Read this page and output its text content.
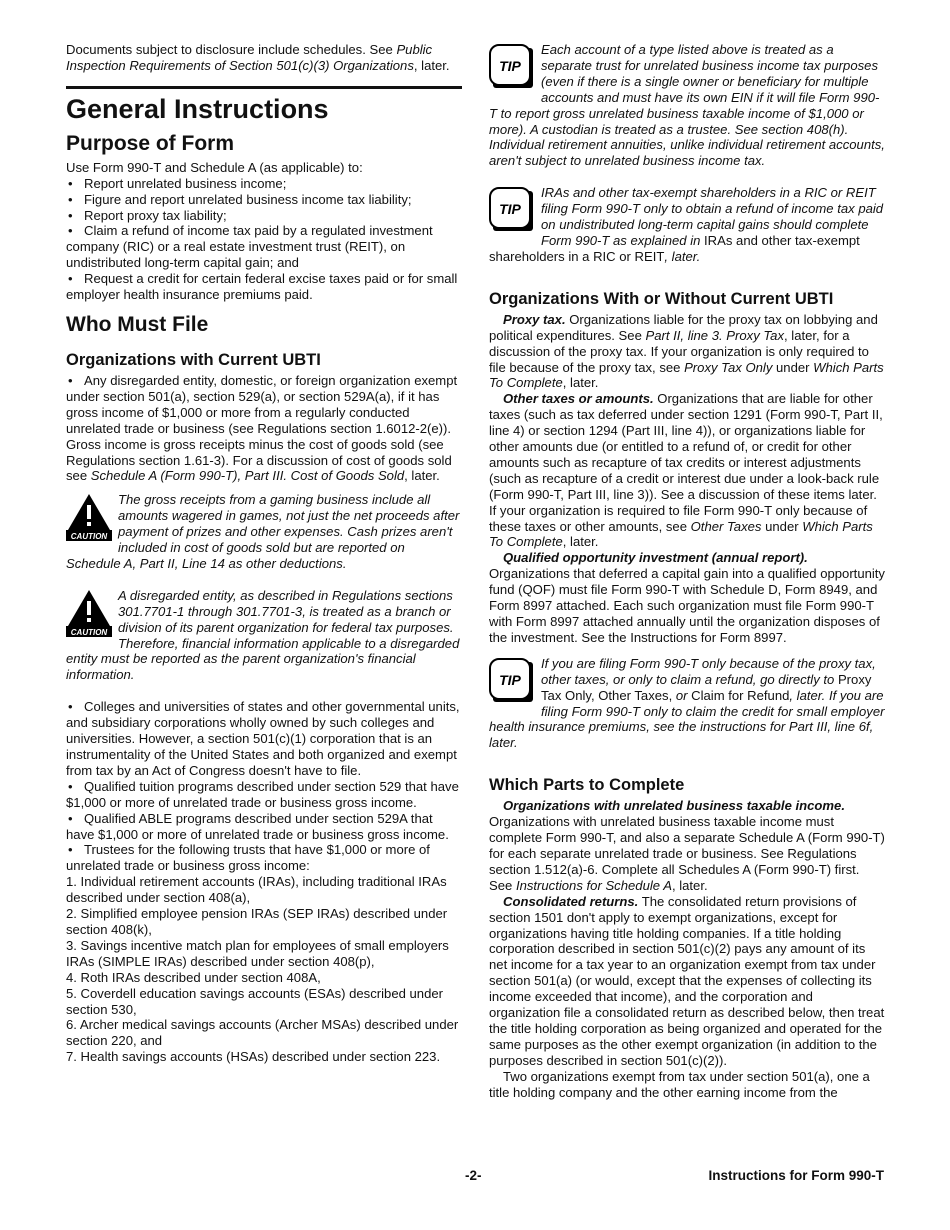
Documents subject to disclosure include schedules. See Public Inspection Requirements of Section 501(c)(3) Organizations, later.

General Instructions
Purpose of Form

Use Form 990-T and Schedule A (as applicable) to:

• Report unrelated business income;

• Figure and report unrelated business income tax liability;

• Report proxy tax liability;

• Claim a refund of income tax paid by a regulated investment company (RIC) or a real estate investment trust (REIT), on undistributed long-term capital gain; and

• Request a credit for certain federal excise taxes paid or for small employer health insurance premiums paid.

Who Must File
Organizations with Current UBTI

• Any disregarded entity, domestic, or foreign organization exempt under section 501(a), section 529(a), or section 529A(a), if it has gross income of $1,000 or more from a regularly conducted unrelated trade or business (see Regulations section 1.6012-2(e)). Gross income is gross receipts minus the cost of goods sold (see Regulations section 1.61-3). For a discussion of cost of goods sold see Schedule A (Form 990-T), Part III. Cost of Goods Sold, later.

CAUTION
The gross receipts from a gaming business include all amounts wagered in games, not just the net proceeds after payment of prizes and other expenses. Cash prizes aren't included in cost of goods sold but are reported on Schedule A, Part II, Line 14 as other deductions.
CAUTION
A disregarded entity, as described in Regulations sections 301.7701-1 through 301.7701-3, is treated as a branch or division of its parent organization for federal tax purposes. Therefore, financial information applicable to a disregarded entity must be reported as the parent organization's financial information.

• Colleges and universities of states and other governmental units, and subsidiary corporations wholly owned by such colleges and universities. However, a section 501(c)(1) corporation that is an instrumentality of the United States and both organized and exempt from tax by an Act of Congress doesn't have to file.

• Qualified tuition programs described under section 529 that have $1,000 or more of unrelated trade or business gross income.

• Qualified ABLE programs described under section 529A that have $1,000 or more of unrelated trade or business gross income.

• Trustees for the following trusts that have $1,000 or more of unrelated trade or business gross income:

1. Individual retirement accounts (IRAs), including traditional IRAs described under section 408(a),

2. Simplified employee pension IRAs (SEP IRAs) described under section 408(k),

3. Savings incentive match plan for employees of small employers IRAs (SIMPLE IRAs) described under section 408(p),

4. Roth IRAs described under section 408A,

5. Coverdell education savings accounts (ESAs) described under section 530,

6. Archer medical savings accounts (Archer MSAs) described under section 220, and

7. Health savings accounts (HSAs) described under section 223.

TIP
Each account of a type listed above is treated as a separate trust for unrelated business income tax purposes (even if there is a single owner or beneficiary for multiple accounts and must have its own EIN if it will file Form 990-T to report gross unrelated business taxable income of $1,000 or more). A custodian is treated as a trustee. See section 408(h). Individual retirement annuities, unlike individual retirement accounts, aren't subject to unrelated business income tax.
TIP
IRAs and other tax-exempt shareholders in a RIC or REIT filing Form 990-T only to obtain a refund of income tax paid on undistributed long-term capital gains should complete Form 990-T as explained in IRAs and other tax-exempt shareholders in a RIC or REIT, later.
Organizations With or Without Current UBTI

Proxy tax. Organizations liable for the proxy tax on lobbying and political expenditures. See Part II, line 3. Proxy Tax, later, for a discussion of the proxy tax. If your organization is only required to file because of the proxy tax, see Proxy Tax Only under Which Parts To Complete, later.

Other taxes or amounts. Organizations that are liable for other taxes (such as tax deferred under section 1291 (Form 990-T, Part II, line 4) or section 1294 (Part III, line 4)), or organizations liable for other amounts due (or entitled to a refund of, or credit for other amounts such as recapture of tax credits or interest adjustments (such as recapture of a credit or interest due under a look-back rule (Form 990-T, Part III, line 3)). See a discussion of these items later. If your organization is required to file Form 990-T only because of these taxes or other amounts, see Other Taxes under Which Parts To Complete, later.

Qualified opportunity investment (annual report). Organizations that deferred a capital gain into a qualified opportunity fund (QOF) must file Form 990-T with Schedule D, Form 8949, and Form 8997 attached. Each such organization must file Form 990-T with Form 8997 attached annually until the organization disposes of the investment. See the Instructions for Form 8997.

TIP
If you are filing Form 990-T only because of the proxy tax, other taxes, or only to claim a refund, go directly to Proxy Tax Only, Other Taxes, or Claim for Refund, later. If you are filing Form 990-T only to claim the credit for small employer health insurance premiums, see the instructions for Part III, line 6f, later.
Which Parts to Complete

Organizations with unrelated business taxable income. Organizations with unrelated business taxable income must complete Form 990-T, and also a separate Schedule A (Form 990-T) for each separate unrelated trade or business. See Regulations section 1.512(a)-6. Complete all Schedules A (Form 990-T) first. See Instructions for Schedule A, later.

Consolidated returns. The consolidated return provisions of section 1501 don't apply to exempt organizations, except for organizations having title holding companies. If a title holding corporation described in section 501(c)(2) pays any amount of its net income for a tax year to an organization exempt from tax under section 501(a) (or would, except that the expenses of collecting its income exceeded that income), and the corporation and organization file a consolidated return as described below, then treat the title holding corporation as being organized and operated for the same purposes as the other exempt organization (in addition to the purposes described in section 501(c)(2)).

Two organizations exempt from tax under section 501(a), one a title holding company and the other earning income from the

-2-	Instructions for Form 990-T
